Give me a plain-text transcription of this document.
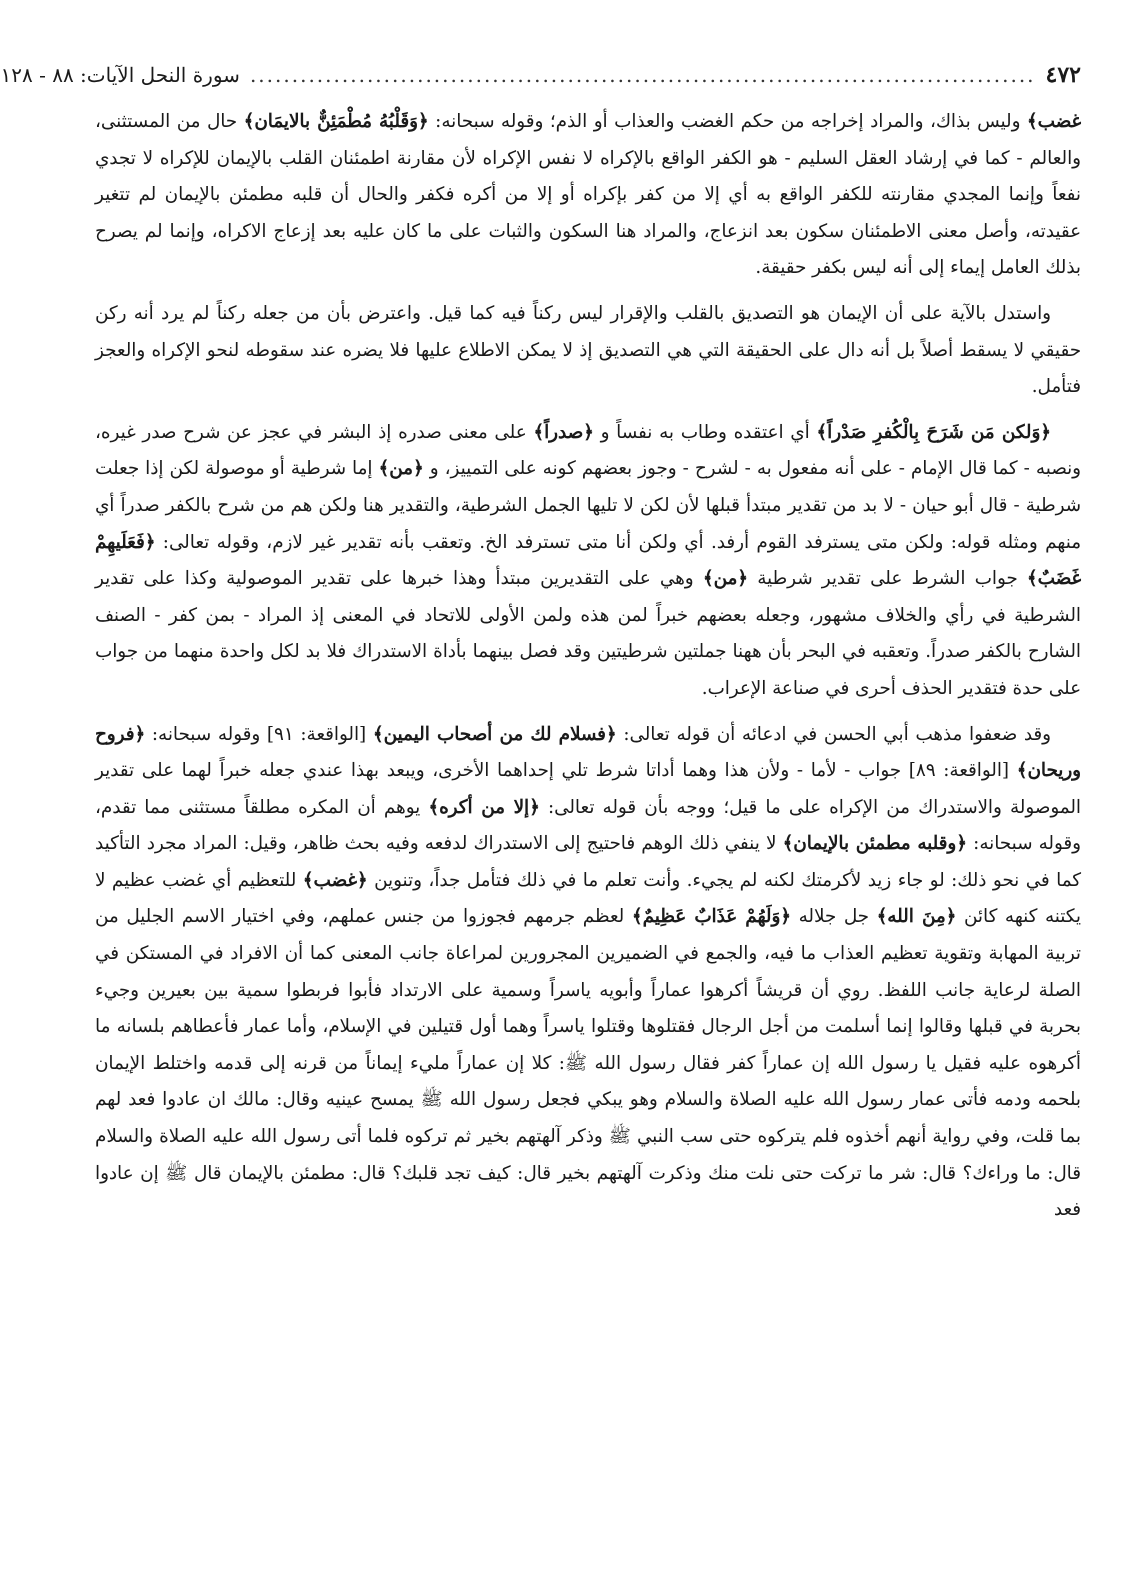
٤٧٢
..............................................................................................
سورة النحل الآيات: ٨٨ - ١٢٨

غضب﴾ وليس بذاك، والمراد إخراجه من حكم الغضب والعذاب أو الذم؛ وقوله سبحانه: ﴿وَقَلْبُهُ مُطْمَئِنٌّ بالايمَان﴾ حال من المستثنى، والعالم - كما في إرشاد العقل السليم - هو الكفر الواقع بالإكراه لا نفس الإكراه لأن مقارنة اطمئنان القلب بالإيمان للإكراه لا تجدي نفعاً وإنما المجدي مقارنته للكفر الواقع به أي إلا من كفر بإكراه أو إلا من أكره فكفر والحال أن قلبه مطمئن بالإيمان لم تتغير عقيدته، وأصل معنى الاطمئنان سكون بعد انزعاج، والمراد هنا السكون والثبات على ما كان عليه بعد إزعاج الاكراه، وإنما لم يصرح بذلك العامل إيماء إلى أنه ليس بكفر حقيقة.

واستدل بالآية على أن الإيمان هو التصديق بالقلب والإقرار ليس ركناً فيه كما قيل. واعترض بأن من جعله ركناً لم يرد أنه ركن حقيقي لا يسقط أصلاً بل أنه دال على الحقيقة التي هي التصديق إذ لا يمكن الاطلاع عليها فلا يضره عند سقوطه لنحو الإكراه والعجز فتأمل.

﴿وَلكن مَن شَرَحَ بِالْكُفرِ صَدْراً﴾ أي اعتقده وطاب به نفساً و ﴿صدراً﴾ على معنى صدره إذ البشر في عجز عن شرح صدر غيره، ونصبه - كما قال الإمام - على أنه مفعول به - لشرح - وجوز بعضهم كونه على التمييز، و ﴿من﴾ إما شرطية أو موصولة لكن إذا جعلت شرطية - قال أبو حيان - لا بد من تقدير مبتدأ قبلها لأن لكن لا تليها الجمل الشرطية، والتقدير هنا ولكن هم من شرح بالكفر صدراً أي منهم ومثله قوله: ولكن متى يسترفد القوم أرفد. أي ولكن أنا متى تسترفد الخ. وتعقب بأنه تقدير غير لازم، وقوله تعالى: ﴿فَعَلَيهِمْ غَضَبٌ﴾ جواب الشرط على تقدير شرطية ﴿من﴾ وهي على التقديرين مبتدأ وهذا خبرها على تقدير الموصولية وكذا على تقدير الشرطية في رأي والخلاف مشهور، وجعله بعضهم خبراً لمن هذه ولمن الأولى للاتحاد في المعنى إذ المراد - بمن كفر - الصنف الشارح بالكفر صدراً. وتعقبه في البحر بأن ههنا جملتين شرطيتين وقد فصل بينهما بأداة الاستدراك فلا بد لكل واحدة منهما من جواب على حدة فتقدير الحذف أحرى في صناعة الإعراب.

وقد ضعفوا مذهب أبي الحسن في ادعائه أن قوله تعالى: ﴿فسلام لك من أصحاب اليمين﴾ [الواقعة: ٩١] وقوله سبحانه: ﴿فروح وريحان﴾ [الواقعة: ٨٩] جواب - لأما - ولأن هذا وهما أداتا شرط تلي إحداهما الأخرى، ويبعد بهذا عندي جعله خبراً لهما على تقدير الموصولة والاستدراك من الإكراه على ما قيل؛ ووجه بأن قوله تعالى: ﴿إلا من أكره﴾ يوهم أن المكره مطلقاً مستثنى مما تقدم، وقوله سبحانه: ﴿وقلبه مطمئن بالإيمان﴾ لا ينفي ذلك الوهم فاحتيج إلى الاستدراك لدفعه وفيه بحث ظاهر، وقيل: المراد مجرد التأكيد كما في نحو ذلك: لو جاء زيد لأكرمتك لكنه لم يجيء. وأنت تعلم ما في ذلك فتأمل جداً، وتنوين ﴿غضب﴾ للتعظيم أي غضب عظيم لا يكتنه كنهه كائن ﴿مِنَ الله﴾ جل جلاله ﴿وَلَهُمْ عَذَابٌ عَظِيمٌ﴾ لعظم جرمهم فجوزوا من جنس عملهم، وفي اختيار الاسم الجليل من تربية المهابة وتقوية تعظيم العذاب ما فيه، والجمع في الضميرين المجرورين لمراعاة جانب المعنى كما أن الافراد في المستكن في الصلة لرعاية جانب اللفظ. روي أن قريشاً أكرهوا عماراً وأبويه ياسراً وسمية على الارتداد فأبوا فربطوا سمية بين بعيرين وجيء بحربة في قبلها وقالوا إنما أسلمت من أجل الرجال فقتلوها وقتلوا ياسراً وهما أول قتيلين في الإسلام، وأما عمار فأعطاهم بلسانه ما أكرهوه عليه فقيل يا رسول الله إن عماراً كفر فقال رسول الله ﷺ: كلا إن عماراً مليء إيماناً من قرنه إلى قدمه واختلط الإيمان بلحمه ودمه فأتى عمار رسول الله عليه الصلاة والسلام وهو يبكي فجعل رسول الله ﷺ يمسح عينيه وقال: مالك ان عادوا فعد لهم بما قلت، وفي رواية أنهم أخذوه فلم يتركوه حتى سب النبي ﷺ وذكر آلهتهم بخير ثم تركوه فلما أتى رسول الله عليه الصلاة والسلام قال: ما وراءك؟ قال: شر ما تركت حتى نلت منك وذكرت آلهتهم بخير قال: كيف تجد قلبك؟ قال: مطمئن بالإيمان قال ﷺ إن عادوا فعد
